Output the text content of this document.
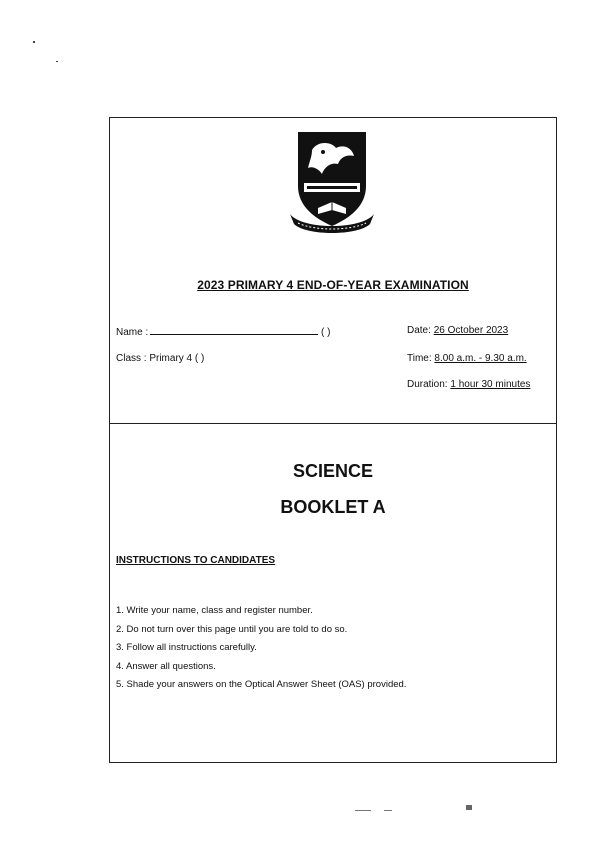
2023 PRIMARY 4 END-OF-YEAR EXAMINATION
Name :	( )
Class : Primary 4 ( )
Date: 26 October 2023
Time: 8.00 a.m. - 9.30 a.m.
Duration: 1 hour 30 minutes
SCIENCE
BOOKLET A
INSTRUCTIONS TO CANDIDATES
1. Write your name, class and register number.
2. Do not turn over this page until you are told to do so.
3. Follow all instructions carefully.
4. Answer all questions.
5. Shade your answers on the Optical Answer Sheet (OAS) provided.
